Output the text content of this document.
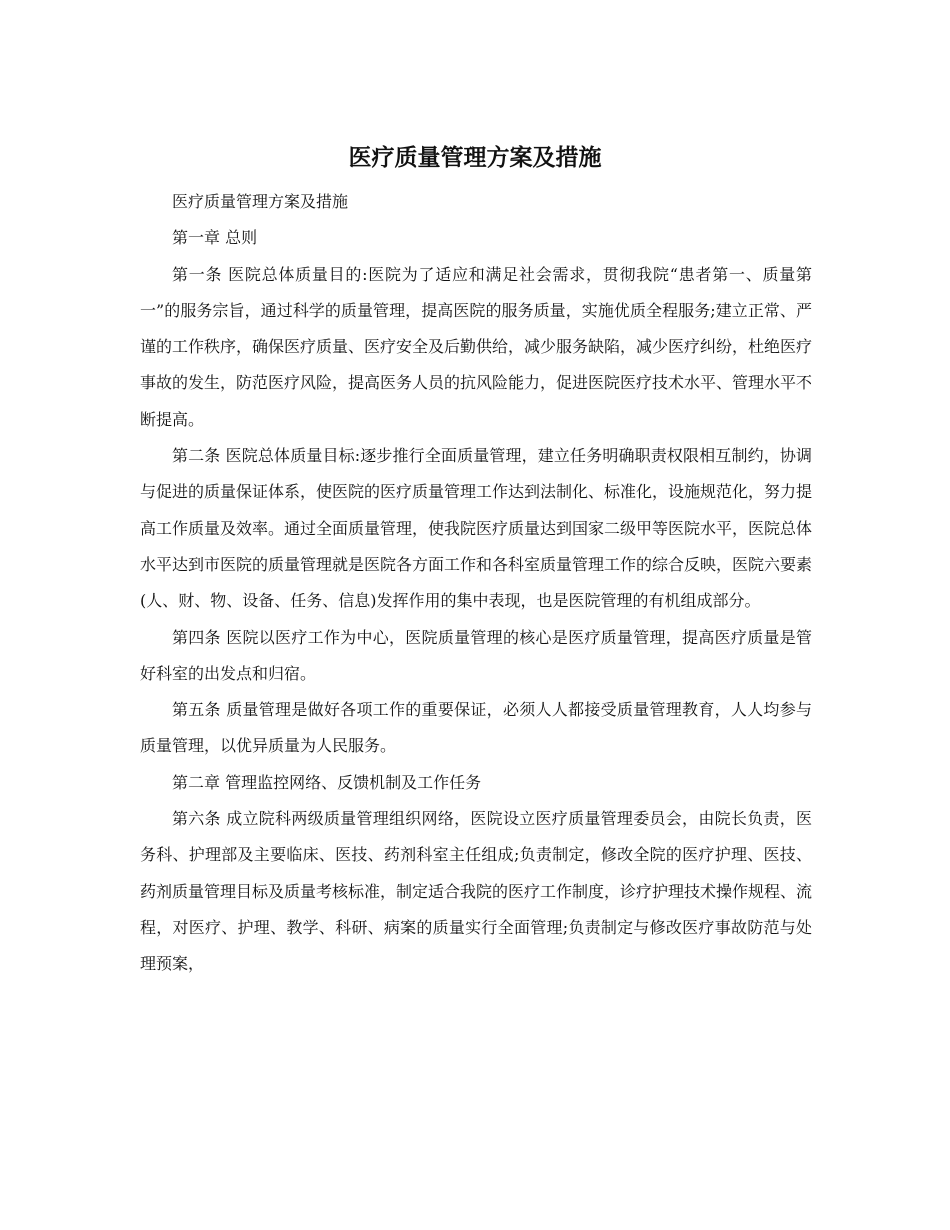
医疗质量管理方案及措施

医疗质量管理方案及措施

第一章 总则

第一条 医院总体质量目的:医院为了适应和满足社会需求，贯彻我院“患者第一、质量第一”的服务宗旨，通过科学的质量管理，提高医院的服务质量，实施优质全程服务;建立正常、严谨的工作秩序，确保医疗质量、医疗安全及后勤供给，减少服务缺陷，减少医疗纠纷，杜绝医疗事故的发生，防范医疗风险，提高医务人员的抗风险能力，促进医院医疗技术水平、管理水平不断提高。

第二条 医院总体质量目标:逐步推行全面质量管理，建立任务明确职责权限相互制约，协调与促进的质量保证体系，使医院的医疗质量管理工作达到法制化、标准化，设施规范化，努力提高工作质量及效率。通过全面质量管理，使我院医疗质量达到国家二级甲等医院水平，医院总体水平达到市医院的质量管理就是医院各方面工作和各科室质量管理工作的综合反映，医院六要素(人、财、物、设备、任务、信息)发挥作用的集中表现，也是医院管理的有机组成部分。

第四条 医院以医疗工作为中心，医院质量管理的核心是医疗质量管理，提高医疗质量是管好科室的出发点和归宿。

第五条 质量管理是做好各项工作的重要保证，必须人人都接受质量管理教育，人人均参与质量管理，以优异质量为人民服务。

第二章 管理监控网络、反馈机制及工作任务

第六条 成立院科两级质量管理组织网络，医院设立医疗质量管理委员会，由院长负责，医务科、护理部及主要临床、医技、药剂科室主任组成;负责制定，修改全院的医疗护理、医技、药剂质量管理目标及质量考核标准，制定适合我院的医疗工作制度，诊疗护理技术操作规程、流程，对医疗、护理、教学、科研、病案的质量实行全面管理;负责制定与修改医疗事故防范与处理预案，
